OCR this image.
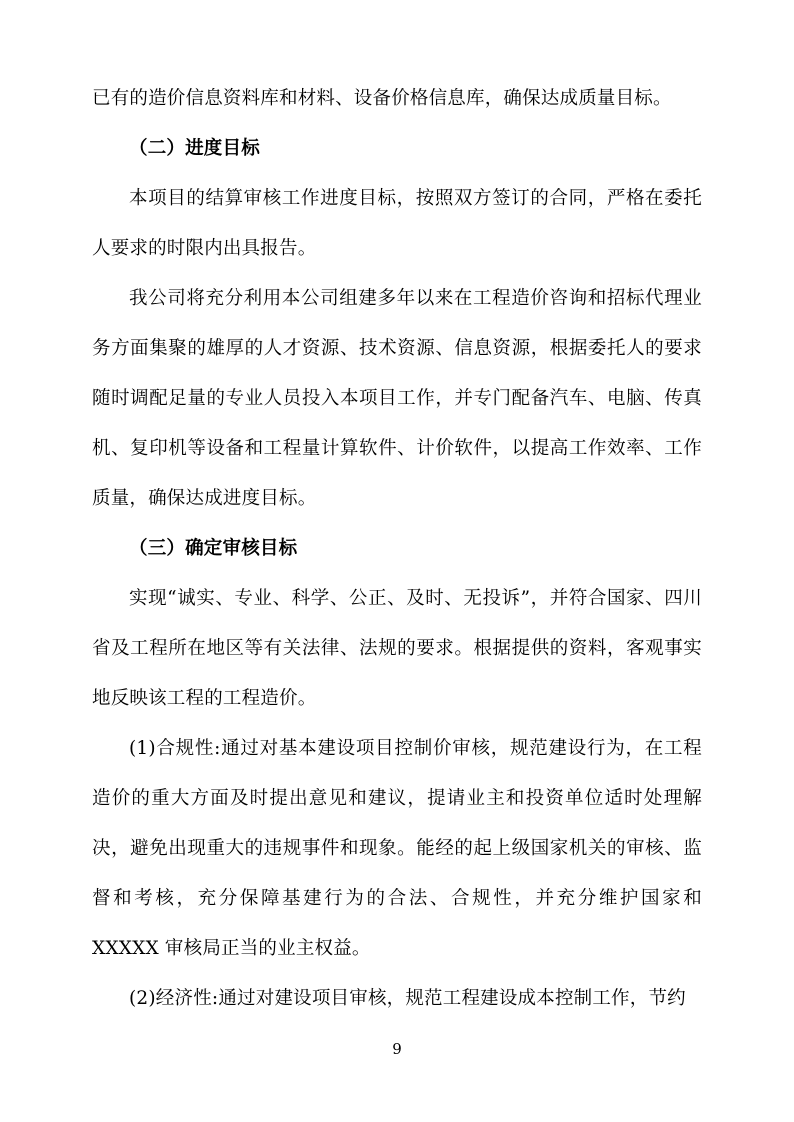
已有的造价信息资料库和材料、设备价格信息库，确保达成质量目标。

（二）进度目标

本项目的结算审核工作进度目标，按照双方签订的合同，严格在委托人要求的时限内出具报告。

我公司将充分利用本公司组建多年以来在工程造价咨询和招标代理业务方面集聚的雄厚的人才资源、技术资源、信息资源，根据委托人的要求随时调配足量的专业人员投入本项目工作，并专门配备汽车、电脑、传真机、复印机等设备和工程量计算软件、计价软件，以提高工作效率、工作质量，确保达成进度目标。

（三）确定审核目标

实现“诚实、专业、科学、公正、及时、无投诉”，并符合国家、四川省及工程所在地区等有关法律、法规的要求。根据提供的资料，客观事实地反映该工程的工程造价。

(1)合规性:通过对基本建设项目控制价审核，规范建设行为，在工程造价的重大方面及时提出意见和建议，提请业主和投资单位适时处理解决，避免出现重大的违规事件和现象。能经的起上级国家机关的审核、监督和考核，充分保障基建行为的合法、合规性，并充分维护国家和 XXXXX 审核局正当的业主权益。

(2)经济性:通过对建设项目审核，规范工程建设成本控制工作，节约

9
